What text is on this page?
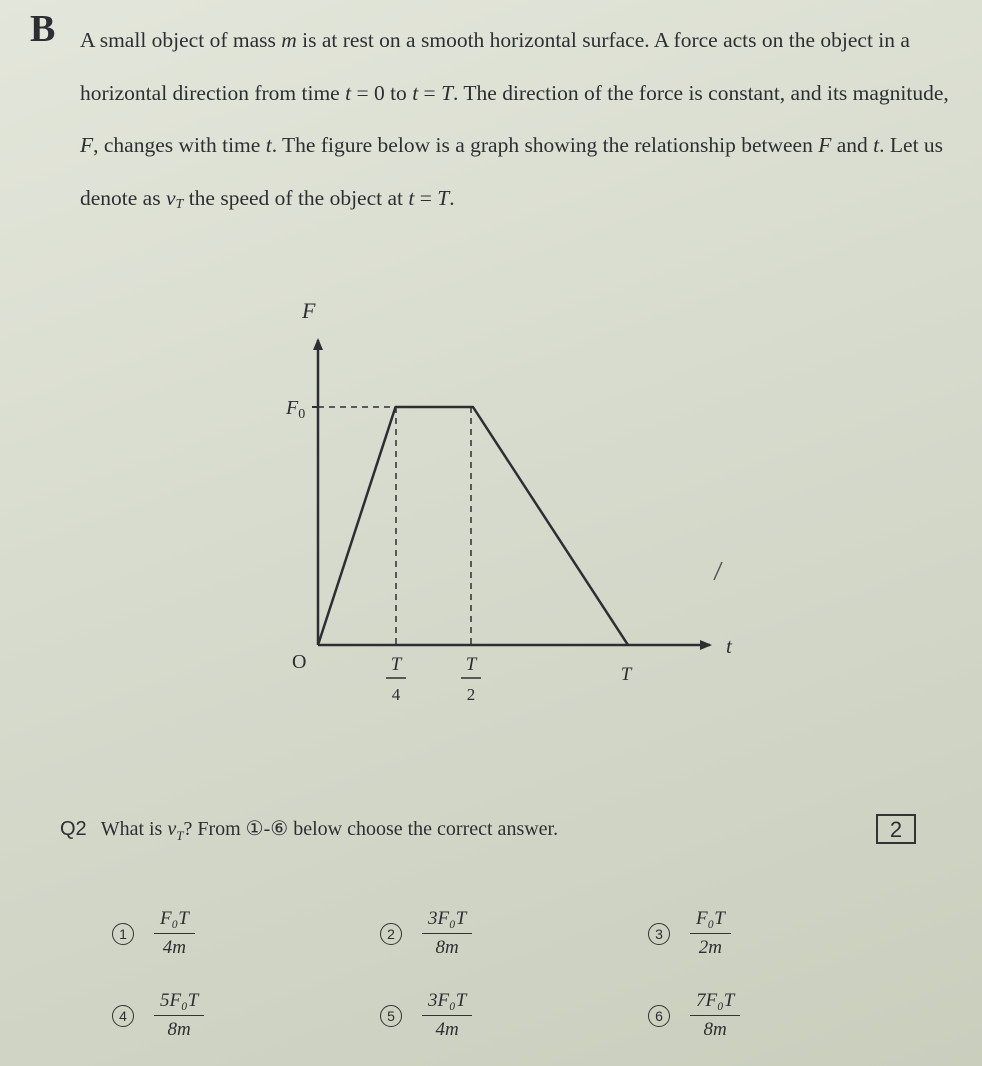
B A small object of mass m is at rest on a smooth horizontal surface. A force acts on the object in a horizontal direction from time t = 0 to t = T. The direction of the force is constant, and its magnitude, F, changes with time t. The figure below is a graph showing the relationship between F and t. Let us denote as $v_T$ the speed of the object at t = T.
F
t
O
$F_0$
T
4
T
2
T
Q2 What is $v_T$? From ①-⑥ below choose the correct answer.	2
1	$\frac{\text{F₀T}}{4m}$	2	$\frac{\text{3F₀T}}{8m}$	3	$\frac{\text{F₀T}}{2m}$
4	$\frac{\text{5F₀T}}{8m}$	5	$\frac{\text{3F₀T}}{4m}$	6	$\frac{\text{7F₀T}}{8m}$
